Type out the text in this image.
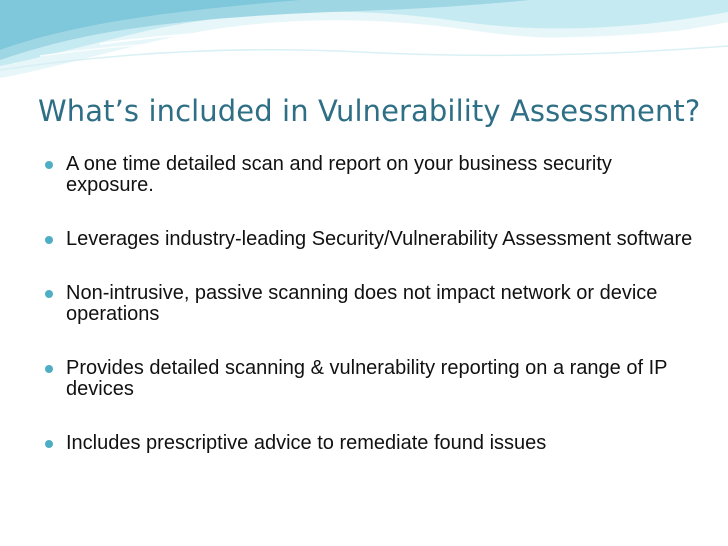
What’s included in Vulnerability Assessment?
A one time detailed scan and report on your business security exposure.
Leverages industry-leading Security/Vulnerability Assessment software
Non-intrusive, passive scanning does not impact network or device operations
Provides detailed scanning & vulnerability reporting on a range of IP devices
Includes prescriptive advice to remediate found issues
